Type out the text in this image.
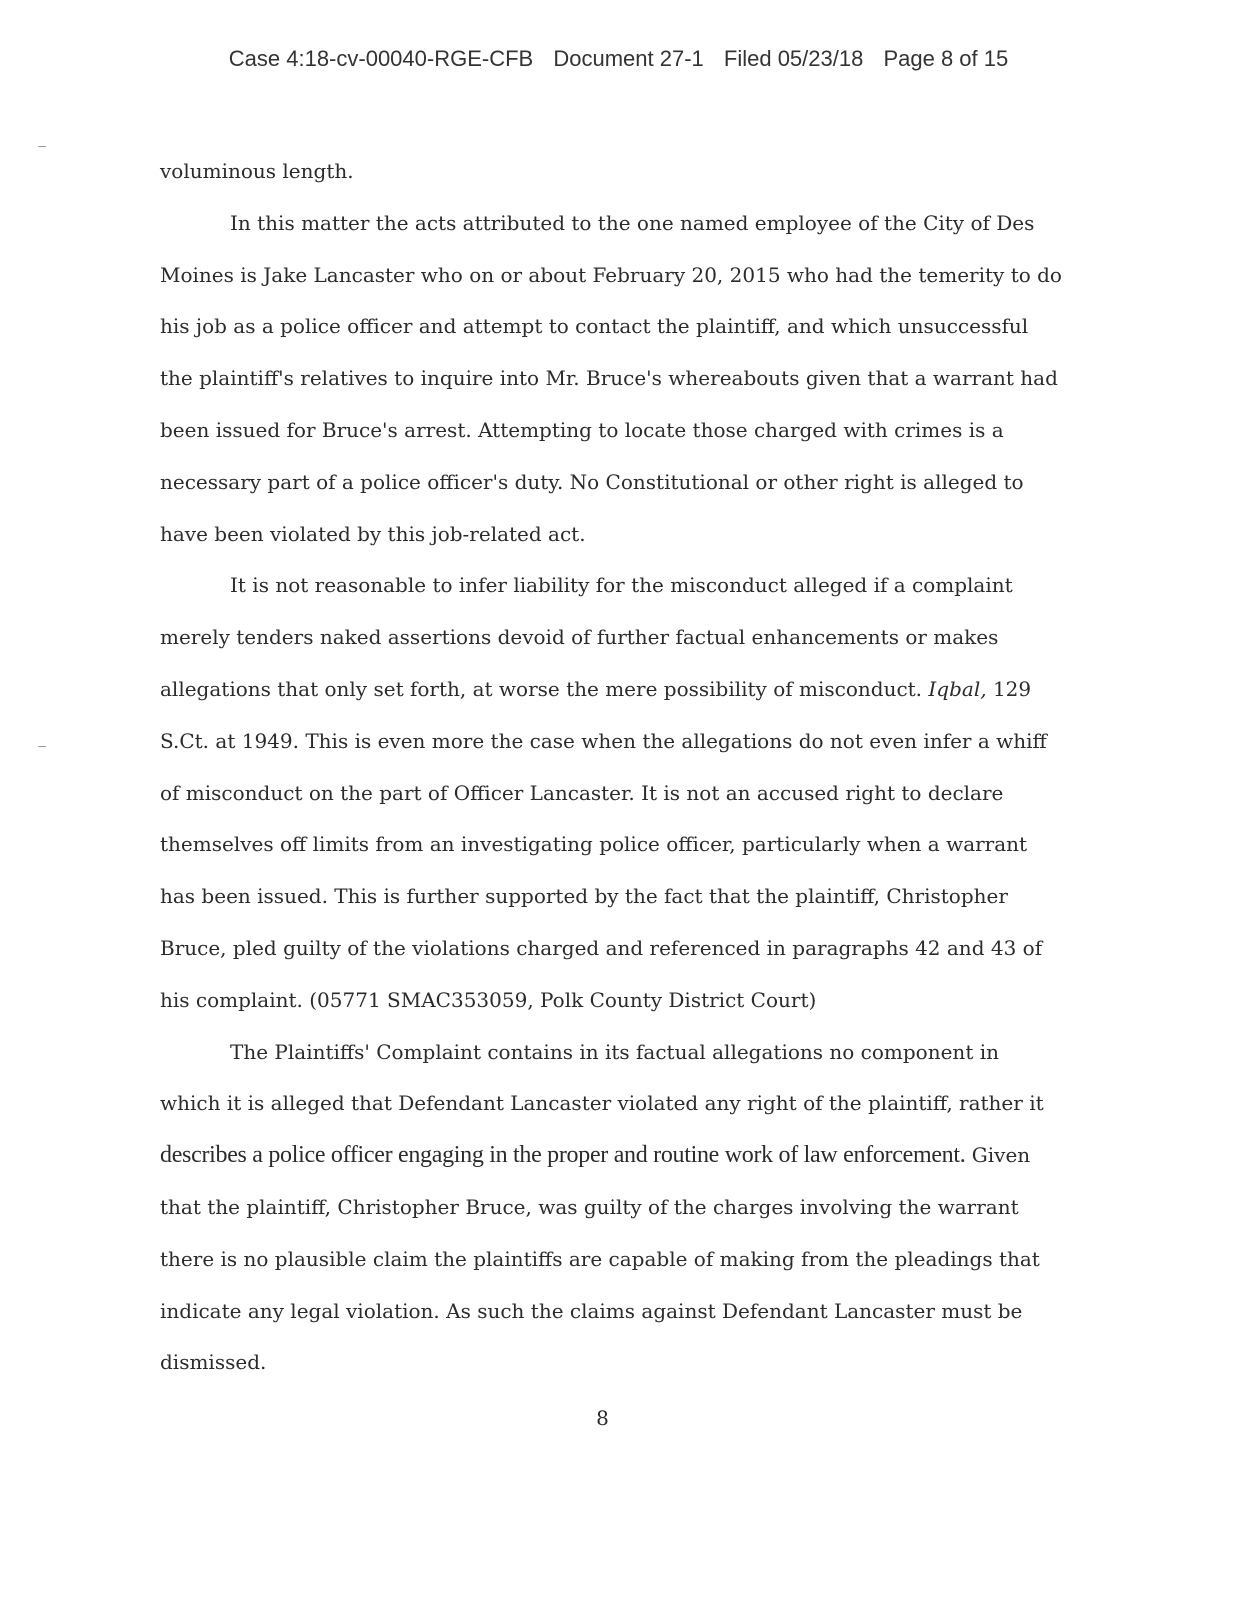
Case 4:18-cv-00040-RGE-CFB Document 27-1 Filed 05/23/18 Page 8 of 15

voluminous length.

In this matter the acts attributed to the one named employee of the City of Des Moines is Jake Lancaster who on or about February 20, 2015 who had the temerity to do his job as a police officer and attempt to contact the plaintiff, and which unsuccessful the plaintiff's relatives to inquire into Mr. Bruce's whereabouts given that a warrant had been issued for Bruce's arrest. Attempting to locate those charged with crimes is a necessary part of a police officer's duty. No Constitutional or other right is alleged to have been violated by this job-related act.

It is not reasonable to infer liability for the misconduct alleged if a complaint merely tenders naked assertions devoid of further factual enhancements or makes allegations that only set forth, at worse the mere possibility of misconduct. Iqbal, 129 S.Ct. at 1949. This is even more the case when the allegations do not even infer a whiff of misconduct on the part of Officer Lancaster. It is not an accused right to declare themselves off limits from an investigating police officer, particularly when a warrant has been issued. This is further supported by the fact that the plaintiff, Christopher Bruce, pled guilty of the violations charged and referenced in paragraphs 42 and 43 of his complaint. (05771 SMAC353059, Polk County District Court)

The Plaintiffs' Complaint contains in its factual allegations no component in which it is alleged that Defendant Lancaster violated any right of the plaintiff, rather it describes a police officer engaging in the proper and routine work of law enforcement. Given that the plaintiff, Christopher Bruce, was guilty of the charges involving the warrant there is no plausible claim the plaintiffs are capable of making from the pleadings that indicate any legal violation. As such the claims against Defendant Lancaster must be dismissed.

8
